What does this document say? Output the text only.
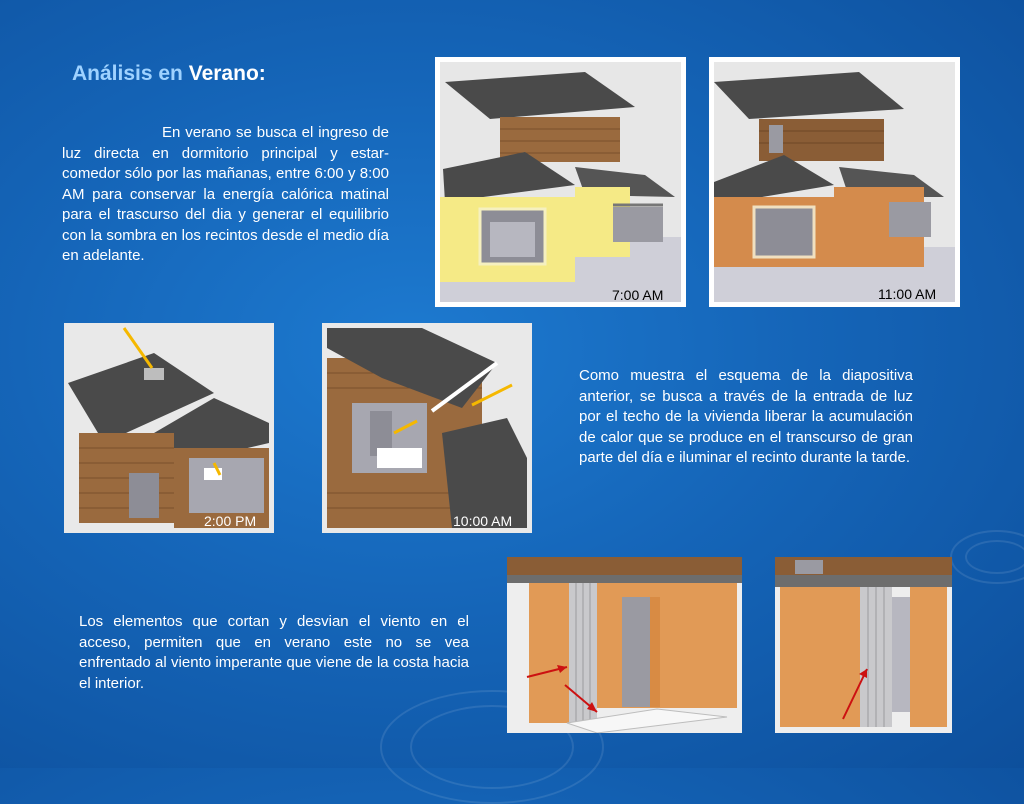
Análisis en Verano:

En verano se busca el ingreso de luz directa en dormitorio principal y estar-comedor sólo por las mañanas, entre 6:00 y 8:00 AM para conservar la energía calórica matinal para el trascurso del dia y generar el equilibrio con la sombra en los recintos desde el medio día en adelante.

7:00 AM	11:00 AM
2:00 PM	10:00 AM

Como muestra el esquema de la diapositiva anterior, se busca a través de la entrada de luz por el techo de la vivienda liberar la acumulación de calor que se produce en el transcurso de gran parte del día e iluminar el recinto durante la tarde.

Los elementos que cortan y desvian el viento en el acceso, permiten que en verano este no se vea enfrentado al viento imperante que viene de la costa hacia el interior.
